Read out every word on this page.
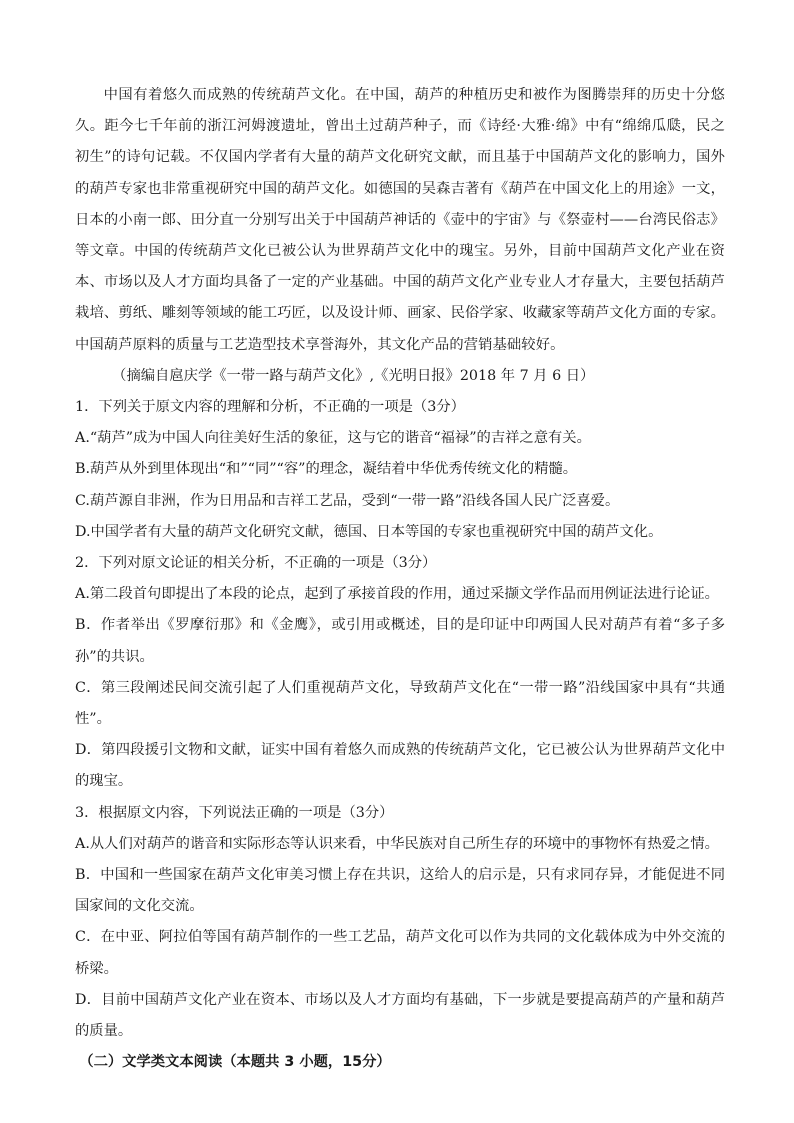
中国有着悠久而成熟的传统葫芦文化。在中国，葫芦的种植历史和被作为图腾崇拜的历史十分悠久。距今七千年前的浙江河姆渡遗址，曾出土过葫芦种子，而《诗经·大雅·绵》中有“绵绵瓜瓞，民之初生”的诗句记载。不仅国内学者有大量的葫芦文化研究文献，而且基于中国葫芦文化的影响力，国外的葫芦专家也非常重视研究中国的葫芦文化。如德国的吴森吉著有《葫芦在中国文化上的用途》一文，日本的小南一郎、田分直一分别写出关于中国葫芦神话的《壶中的宇宙》与《祭壶村——台湾民俗志》等文章。中国的传统葫芦文化已被公认为世界葫芦文化中的瑰宝。另外，目前中国葫芦文化产业在资本、市场以及人才方面均具备了一定的产业基础。中国的葫芦文化产业专业人才存量大，主要包括葫芦栽培、剪纸、雕刻等领域的能工巧匠，以及设计师、画家、民俗学家、收藏家等葫芦文化方面的专家。中国葫芦原料的质量与工艺造型技术享誉海外，其文化产品的营销基础较好。

（摘编自扈庆学《一带一路与葫芦文化》,《光明日报》2018 年 7 月 6 日）

1．下列关于原文内容的理解和分析，不正确的一项是（3分）

A.“葫芦”成为中国人向往美好生活的象征，这与它的谐音“福禄”的吉祥之意有关。

B.葫芦从外到里体现出“和”“同”“容”的理念，凝结着中华优秀传统文化的精髓。

C.葫芦源自非洲，作为日用品和吉祥工艺品，受到“一带一路”沿线各国人民广泛喜爱。

D.中国学者有大量的葫芦文化研究文献，德国、日本等国的专家也重视研究中国的葫芦文化。

2．下列对原文论证的相关分析，不正确的一项是（3分）

A.第二段首句即提出了本段的论点，起到了承接首段的作用，通过采撷文学作品而用例证法进行论证。

B．作者举出《罗摩衍那》和《金鹰》，或引用或概述，目的是印证中印两国人民对葫芦有着“多子多孙”的共识。

C．第三段阐述民间交流引起了人们重视葫芦文化，导致葫芦文化在“一带一路”沿线国家中具有“共通性”。

D．第四段援引文物和文献，证实中国有着悠久而成熟的传统葫芦文化，它已被公认为世界葫芦文化中的瑰宝。

3．根据原文内容，下列说法正确的一项是（3分）

A.从人们对葫芦的谐音和实际形态等认识来看，中华民族对自己所生存的环境中的事物怀有热爱之情。

B．中国和一些国家在葫芦文化审美习惯上存在共识，这给人的启示是，只有求同存异，才能促进不同国家间的文化交流。

C．在中亚、阿拉伯等国有葫芦制作的一些工艺品，葫芦文化可以作为共同的文化载体成为中外交流的桥梁。

D．目前中国葫芦文化产业在资本、市场以及人才方面均有基础，下一步就是要提高葫芦的产量和葫芦的质量。

（二）文学类文本阅读（本题共 3 小题，15分）
